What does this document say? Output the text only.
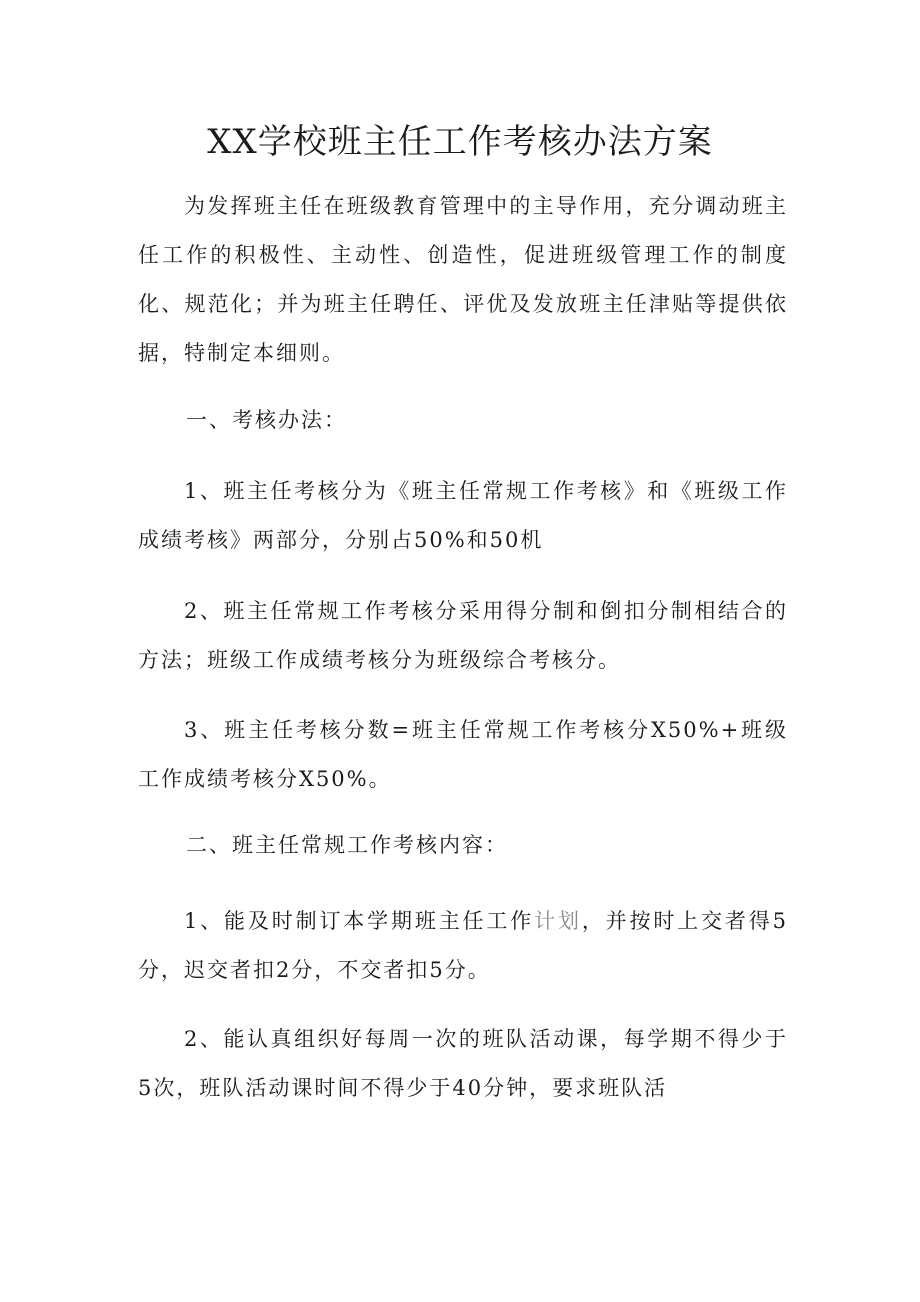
XX学校班主任工作考核办法方案
为发挥班主任在班级教育管理中的主导作用，充分调动班主任工作的积极性、主动性、创造性，促进班级管理工作的制度化、规范化；并为班主任聘任、评优及发放班主任津贴等提供依据，特制定本细则。
一、考核办法：
1、班主任考核分为《班主任常规工作考核》和《班级工作成绩考核》两部分，分别占50%和50机
2、班主任常规工作考核分采用得分制和倒扣分制相结合的方法；班级工作成绩考核分为班级综合考核分。
3、班主任考核分数=班主任常规工作考核分X50%+班级工作成绩考核分X50%。
二、班主任常规工作考核内容：
1、能及时制订本学期班主任工作计划，并按时上交者得5分，迟交者扣2分，不交者扣5分。
2、能认真组织好每周一次的班队活动课，每学期不得少于5次，班队活动课时间不得少于40分钟，要求班队活
